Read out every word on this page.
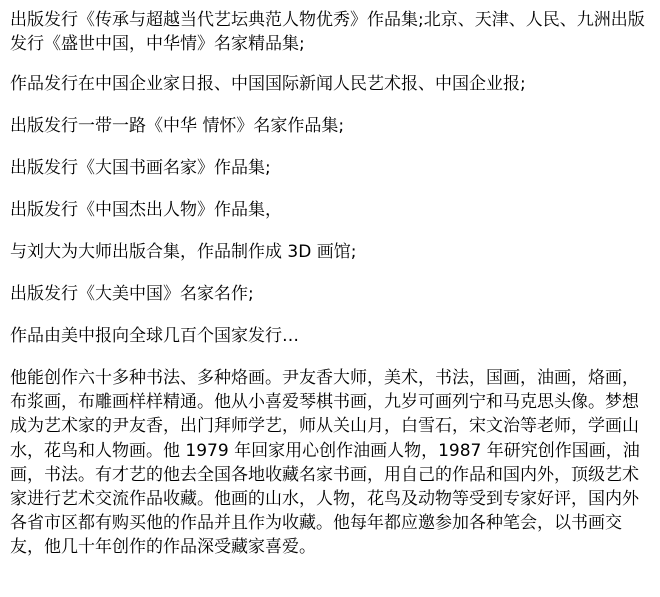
出版发行《传承与超越当代艺坛典范人物优秀》作品集;北京、天津、人民、九洲出版发行《盛世中国，中华情》名家精品集;

作品发行在中国企业家日报、中国国际新闻人民艺术报、中国企业报;

出版发行一带一路《中华 情怀》名家作品集;

出版发行《大国书画名家》作品集;

出版发行《中国杰出人物》作品集，

与刘大为大师出版合集，作品制作成 3D 画馆;

出版发行《大美中国》名家名作;

作品由美中报向全球几百个国家发行…

他能创作六十多种书法、多种烙画。尹友香大师，美术，书法，国画，油画，烙画，布浆画，布雕画样样精通。他从小喜爱琴棋书画，九岁可画列宁和马克思头像。梦想成为艺术家的尹友香，出门拜师学艺，师从关山月，白雪石，宋文治等老师，学画山水，花鸟和人物画。他 1979 年回家用心创作油画人物，1987 年研究创作国画，油画，书法。有才艺的他去全国各地收藏名家书画，用自己的作品和国内外，顶级艺术家进行艺术交流作品收藏。他画的山水，人物，花鸟及动物等受到专家好评，国内外各省市区都有购买他的作品并且作为收藏。他每年都应邀参加各种笔会，以书画交友，他几十年创作的作品深受藏家喜爱。
